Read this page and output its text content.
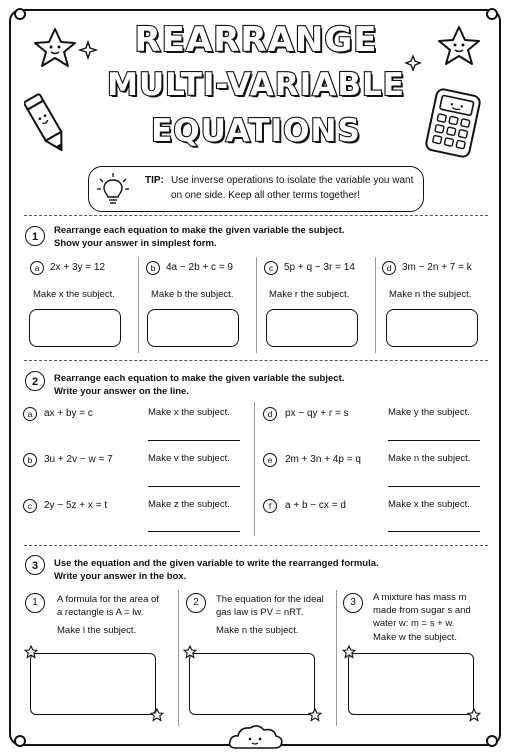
REARRANGE
MULTI-VARIABLE
EQUATIONS
TIP: Use inverse operations to isolate the variable you want
on one side. Keep all other terms together!
1
Rearrange each equation to make the given variable the subject.
Show your answer in simplest form.
a	2x + 3y = 12
Make x the subject.
b	4a − 2b + c = 9
Make b the subject.
c	5p + q − 3r = 14
Make r the subject.
d	3m − 2n + 7 = k
Make n the subject.
2	Rearrange each equation to make the given variable the subject.
Write your answer on the line.
a	ax + by = c	Make x the subject.
b	3u + 2v − w = 7	Make v the subject.
c	2y − 5z + x = t	Make z the subject.
d	px − qy + r = s	Make y the subject.
e	2m + 3n + 4p = q	Make n the subject.
f	a + b − cx = d	Make x the subject.
3	Use the equation and the given variable to write the rearranged formula.
Write your answer in the box.
1	A formula for the area of
a rectangle is A = lw.
Make l the subject.
2	The equation for the ideal
gas law is PV = nRT.
Make n the subject.
3	A mixture has mass m
made from sugar s and
water w: m = s + w.
Make w the subject.
